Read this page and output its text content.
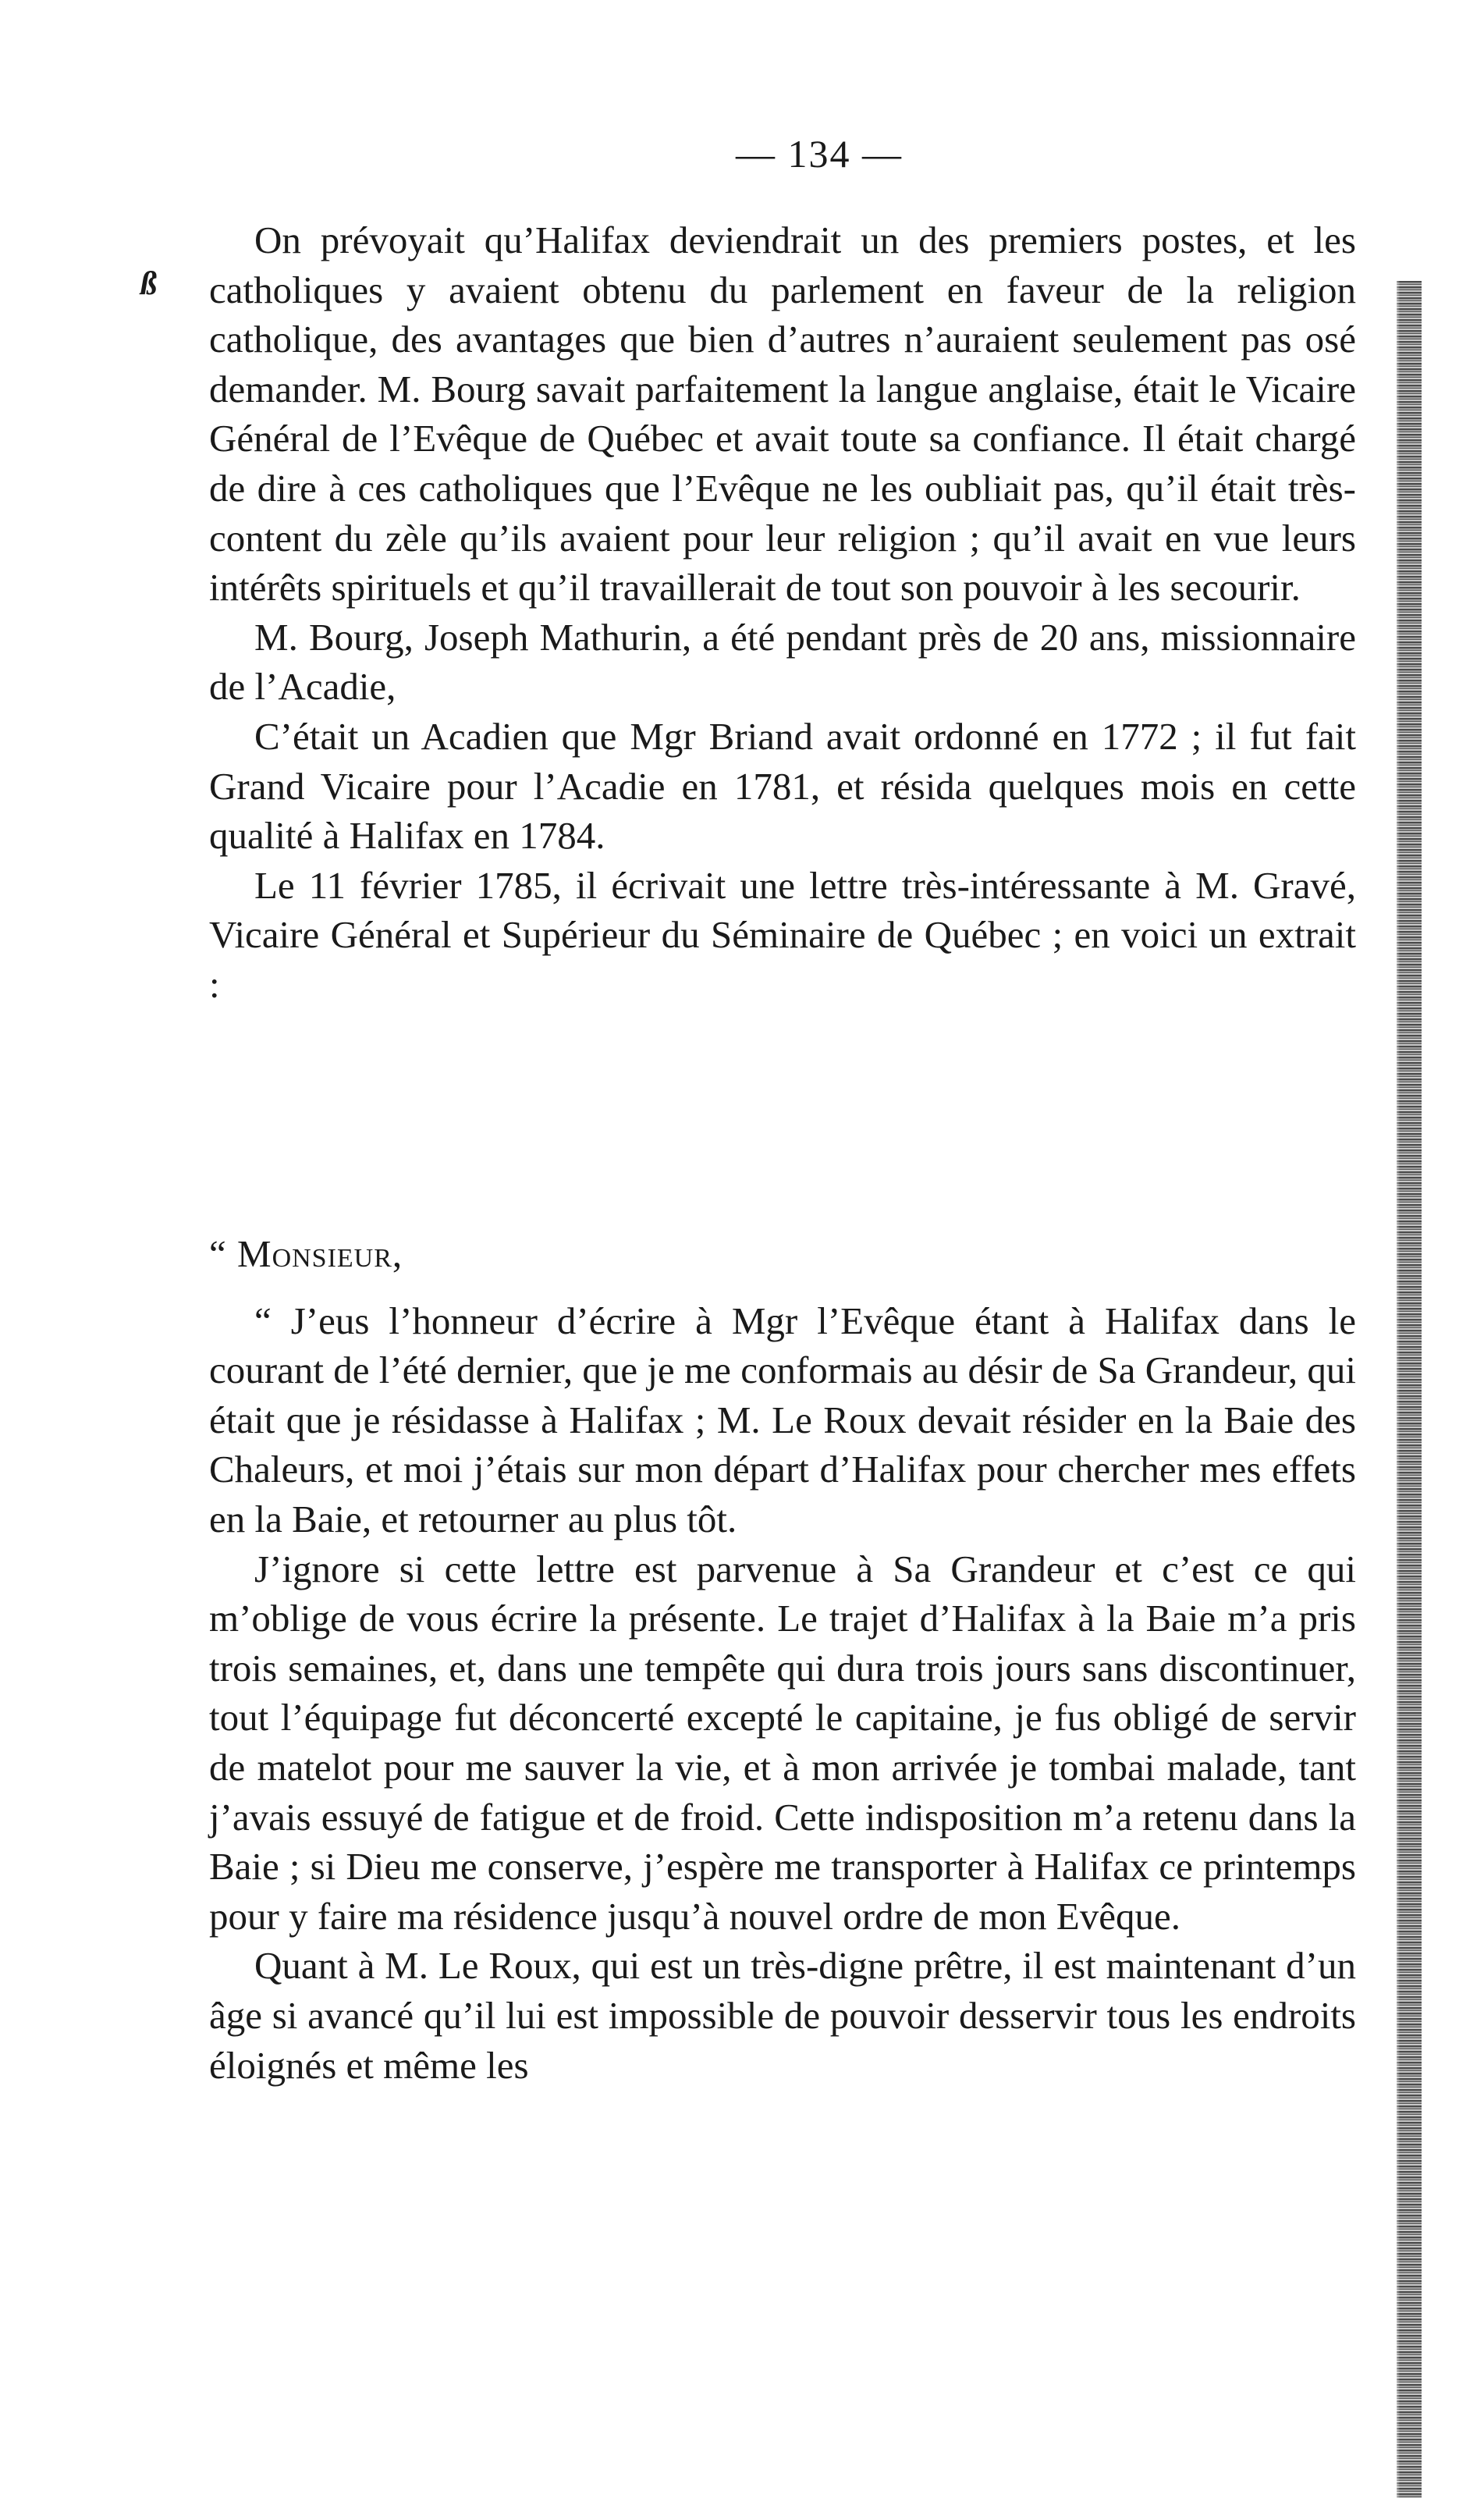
— 134 —
ß

On prévoyait qu’Halifax deviendrait un des premiers postes, et les catholiques y avaient obtenu du parlement en faveur de la religion catholique, des avantages que bien d’autres n’auraient seulement pas osé demander. M. Bourg savait parfaitement la langue anglaise, était le Vicaire Général de l’Evêque de Québec et avait toute sa confiance. Il était chargé de dire à ces catholiques que l’Evêque ne les oubliait pas, qu’il était très-content du zèle qu’ils avaient pour leur religion ; qu’il avait en vue leurs intérêts spirituels et qu’il travaillerait de tout son pouvoir à les secourir.

M. Bourg, Joseph Mathurin, a été pendant près de 20 ans, missionnaire de l’Acadie,

C’était un Acadien que Mgr Briand avait ordonné en 1772 ; il fut fait Grand Vicaire pour l’Acadie en 1781, et résida quelques mois en cette qualité à Halifax en 1784.

Le 11 février 1785, il écrivait une lettre très-intéressante à M. Gravé, Vicaire Général et Supérieur du Séminaire de Québec ; en voici un extrait :

“ Monsieur,

“ J’eus l’honneur d’écrire à Mgr l’Evêque étant à Halifax dans le courant de l’été dernier, que je me conformais au désir de Sa Grandeur, qui était que je résidasse à Halifax ; M. Le Roux devait résider en la Baie des Chaleurs, et moi j’étais sur mon départ d’Halifax pour chercher mes effets en la Baie, et retourner au plus tôt.

J’ignore si cette lettre est parvenue à Sa Grandeur et c’est ce qui m’oblige de vous écrire la présente. Le trajet d’Halifax à la Baie m’a pris trois semaines, et, dans une tempête qui dura trois jours sans discontinuer, tout l’équipage fut déconcerté excepté le capitaine, je fus obligé de servir de matelot pour me sauver la vie, et à mon arrivée je tombai malade, tant j’avais essuyé de fatigue et de froid. Cette indisposition m’a retenu dans la Baie ; si Dieu me conserve, j’espère me transporter à Halifax ce printemps pour y faire ma résidence jusqu’à nouvel ordre de mon Evêque.

Quant à M. Le Roux, qui est un très-digne prêtre, il est maintenant d’un âge si avancé qu’il lui est impossible de pouvoir desservir tous les endroits éloignés et même les
